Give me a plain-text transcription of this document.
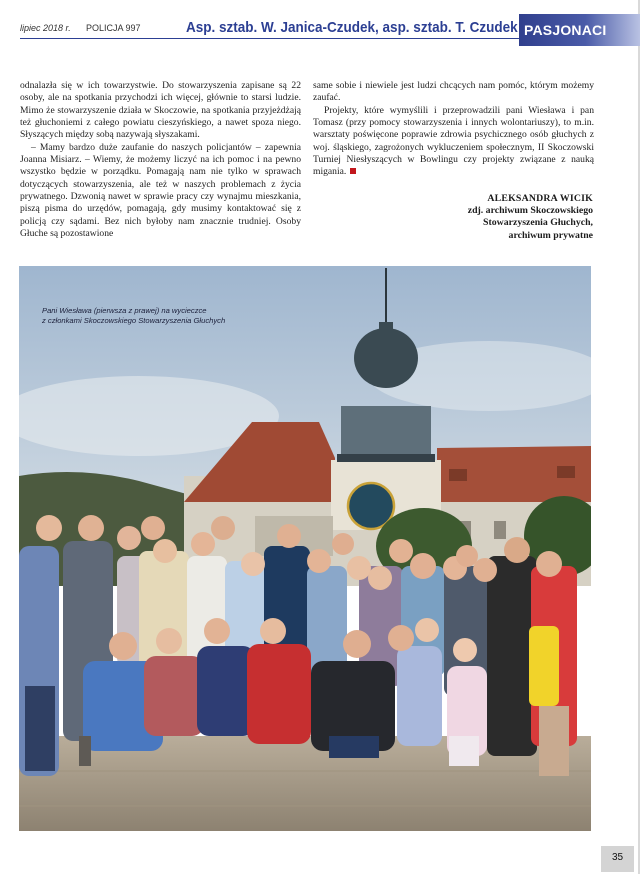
lipiec 2018 r. POLICJA 997	Asp. sztab. W. Janica-Czudek, asp. sztab. T. Czudek PASJONACI

odnalazła się w ich towarzystwie. Do stowarzyszenia zapisane są 22 osoby, ale na spotkania przychodzi ich więcej, głównie to starsi ludzie. Mimo że stowarzyszenie działa w Skoczowie, na spotkania przyjeżdżają też głuchoniemi z całego powiatu cieszyńskiego, a nawet spoza niego. Słyszących między sobą nazywają słyszakami.

– Mamy bardzo duże zaufanie do naszych policjantów – zapewnia Joanna Misiarz. – Wiemy, że możemy liczyć na ich pomoc i na pewno wszystko będzie w porządku. Pomagają nam nie tylko w sprawach dotyczących stowarzyszenia, ale też w naszych problemach z życia prywatnego. Dzwonią nawet w sprawie pracy czy wynajmu mieszkania, piszą pisma do urzędów, pomagają, gdy musimy kontaktować się z policją czy sądami. Bez nich byłoby nam znacznie trudniej. Osoby Głuche są pozostawione

same sobie i niewiele jest ludzi chcących nam pomóc, którym możemy zaufać.

Projekty, które wymyślili i przeprowadzili pani Wiesława i pan Tomasz (przy pomocy stowarzyszenia i innych wolontariuszy), to m.in. warsztaty poświęcone poprawie zdrowia psychicznego osób głuchych z woj. śląskiego, zagrożonych wykluczeniem społecznym, II Skoczowski Turniej Niesłyszących w Bowlingu czy projekty związane z nauką migania.

ALEKSANDRA WICIK
zdj. archiwum Skoczowskiego
Stowarzyszenia Głuchych,
archiwum prywatne
Pani Wiesława (pierwsza z prawej) na wycieczce
z członkami Skoczowskiego Stowarzyszenia Głuchych
35
